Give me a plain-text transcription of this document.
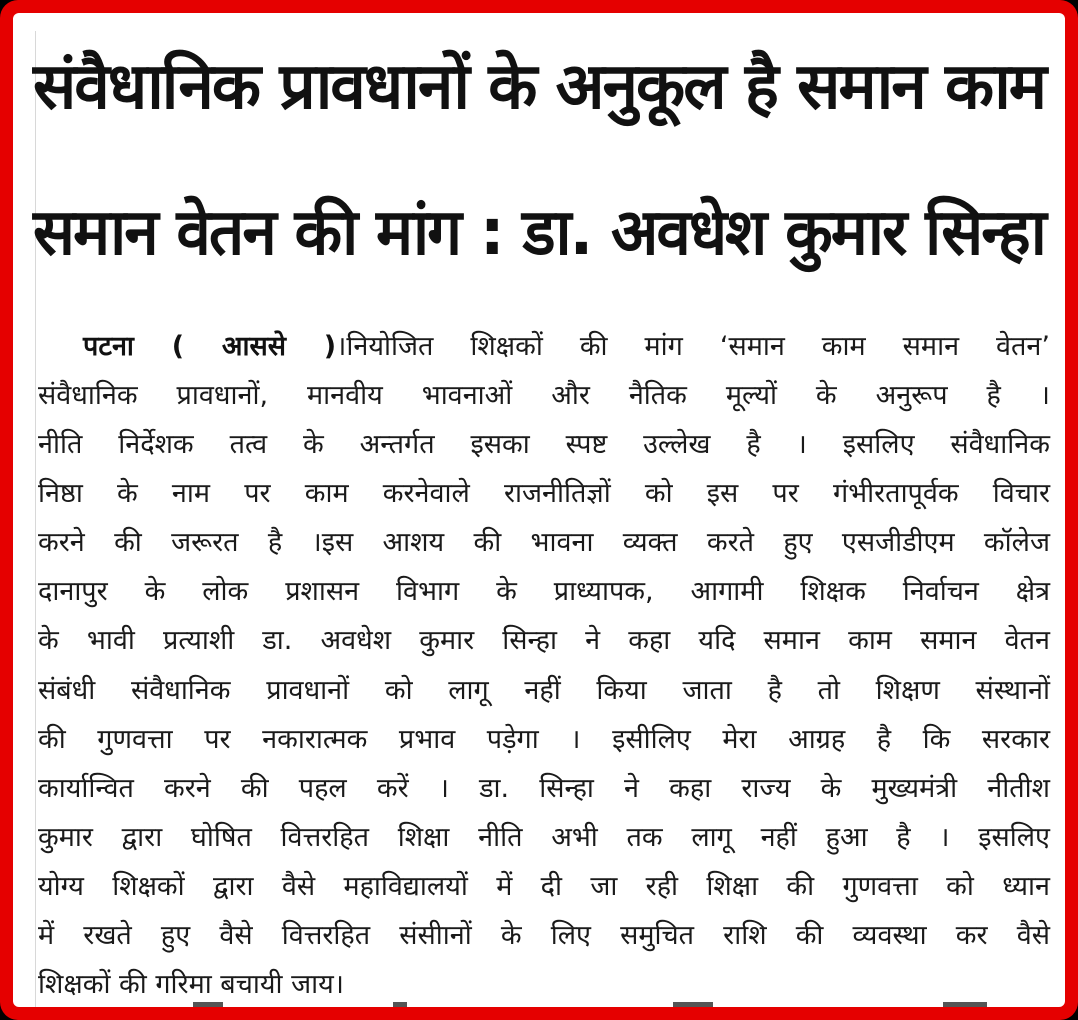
संवैधानिक प्रावधानों के अनुकूल है समान काम
समान वेतन की मांग : डा. अवधेश कुमार सिन्हा
पटना ( आससे )।नियोजित शिक्षकों की मांग ‘समान काम समान वेतन’
संवैधानिक प्रावधानों, मानवीय भावनाओं और नैतिक मूल्यों के अनुरूप है ।
नीति निर्देशक तत्व के अन्तर्गत इसका स्पष्ट उल्लेख है । इसलिए संवैधानिक
निष्ठा के नाम पर काम करनेवाले राजनीतिज्ञों को इस पर गंभीरतापूर्वक विचार
करने की जरूरत है ।इस आशय की भावना व्यक्त करते हुए एसजीडीएम कॉलेज
दानापुर के लोक प्रशासन विभाग के प्राध्यापक, आगामी शिक्षक निर्वाचन क्षेत्र
के भावी प्रत्याशी डा. अवधेश कुमार सिन्हा ने कहा यदि समान काम समान वेतन
संबंधी संवैधानिक प्रावधानों को लागू नहीं किया जाता है तो शिक्षण संस्थानों
की गुणवत्ता पर नकारात्मक प्रभाव पड़ेगा । इसीलिए मेरा आग्रह है कि सरकार
कार्यान्वित करने की पहल करें । डा. सिन्हा ने कहा राज्य के मुख्यमंत्री नीतीश
कुमार द्वारा घोषित वित्तरहित शिक्षा नीति अभी तक लागू नहीं हुआ है । इसलिए
योग्य शिक्षकों द्वारा वैसे महाविद्यालयों में दी जा रही शिक्षा की गुणवत्ता को ध्यान
में रखते हुए वैसे वित्तरहित संसीानों के लिए समुचित राशि की व्यवस्था कर वैसे
शिक्षकों की गरिमा बचायी जाय।
